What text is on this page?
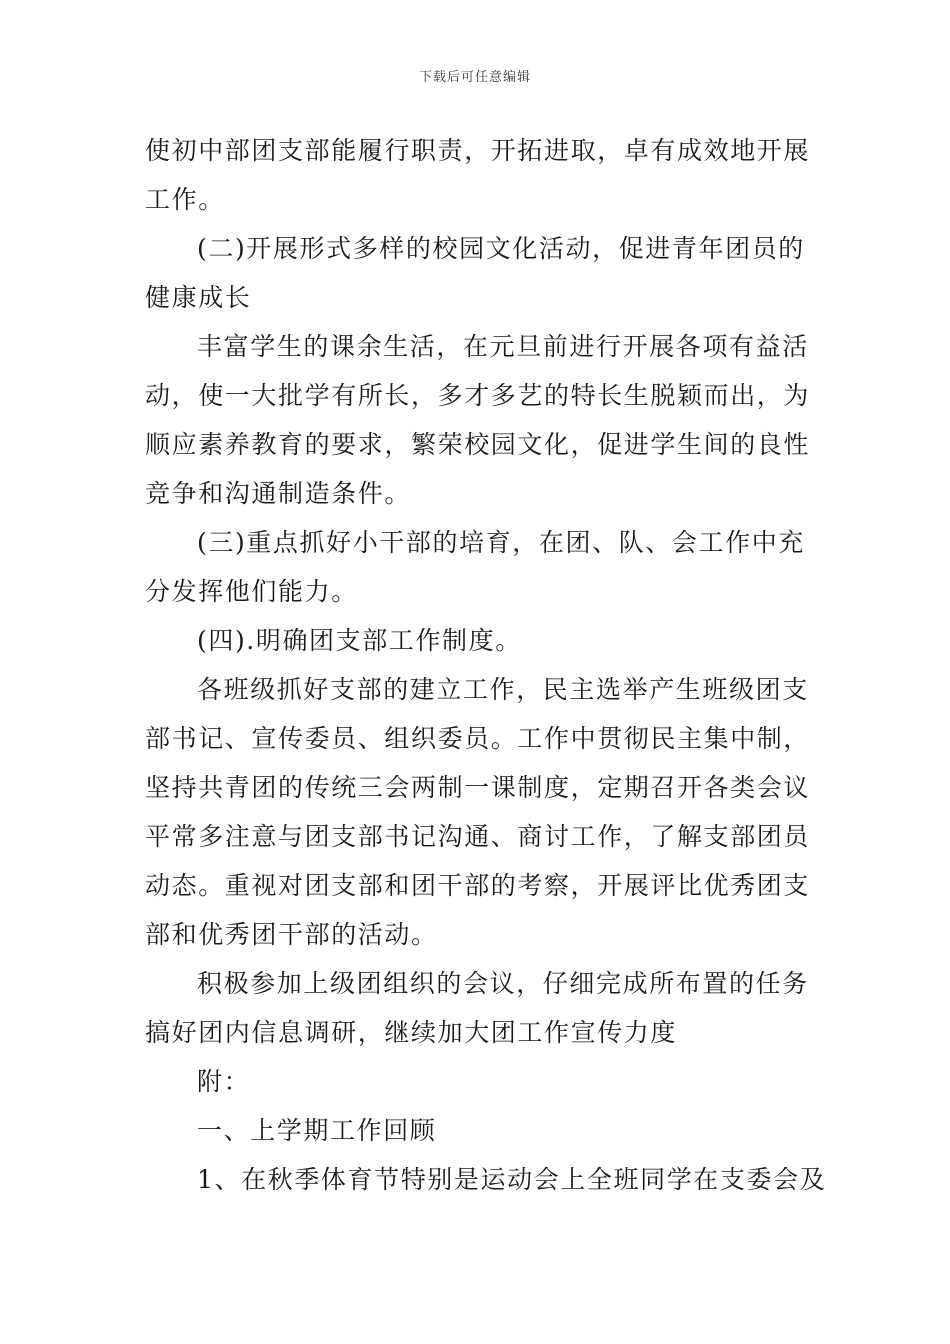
下载后可任意编辑
使初中部团支部能履行职责，开拓进取，卓有成效地开展
工作。
(二)开展形式多样的校园文化活动，促进青年团员的
健康成长
丰富学生的课余生活，在元旦前进行开展各项有益活
动，使一大批学有所长，多才多艺的特长生脱颖而出，为
顺应素养教育的要求，繁荣校园文化，促进学生间的良性
竞争和沟通制造条件。
(三)重点抓好小干部的培育，在团、队、会工作中充
分发挥他们能力。
(四).明确团支部工作制度。
各班级抓好支部的建立工作，民主选举产生班级团支
部书记、宣传委员、组织委员。工作中贯彻民主集中制，
坚持共青团的传统三会两制一课制度，定期召开各类会议
平常多注意与团支部书记沟通、商讨工作，了解支部团员
动态。重视对团支部和团干部的考察，开展评比优秀团支
部和优秀团干部的活动。
积极参加上级团组织的会议，仔细完成所布置的任务
搞好团内信息调研，继续加大团工作宣传力度
附：
一、上学期工作回顾
1、在秋季体育节特别是运动会上全班同学在支委会及
